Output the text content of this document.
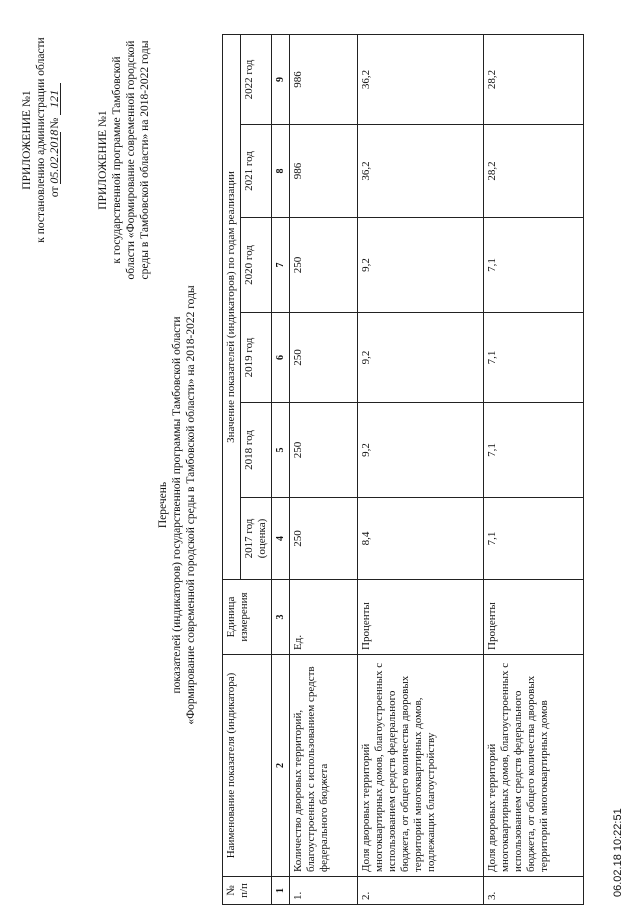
ПРИЛОЖЕНИЕ №1 к постановлению администрации области от 05.02.2018 № 121
ПРИЛОЖЕНИЕ №1 к государственной программе Тамбовской области «Формирование современной городской среды в Тамбовской области» на 2018-2022 годы
Перечень показателей (индикаторов) государственной программы Тамбовской области «Формирование современной городской среды в Тамбовской области» на 2018-2022 годы
№ п/п	Наименование показателя (индикатора)	Единица измерения	Значение показателей (индикаторов) по годам реализации					
			2017 год (оценка)	2018 год	2019 год	2020 год	2021 год	2022 год
1	2	3	4	5	6	7	8	9
1.	Количество дворовых территорий, благоустроенных с использованием средств федерального бюджета	Ед.	250	250	250	250	986	986
2.	Доля дворовых территорий многоквартирных домов, благоустроенных с использованием средств федерального бюджета, от общего количества дворовых территорий многоквартирных домов, подлежащих благоустройству	Проценты	8,4	9,2	9,2	9,2	36,2	36,2
3.	Доля дворовых территорий многоквартирных домов, благоустроенных с использованием средств федерального бюджета, от общего количества дворовых территорий многоквартирных домов	Проценты	7,1	7,1	7,1	7,1	28,2	28,2
06.02.18 10:22:51
